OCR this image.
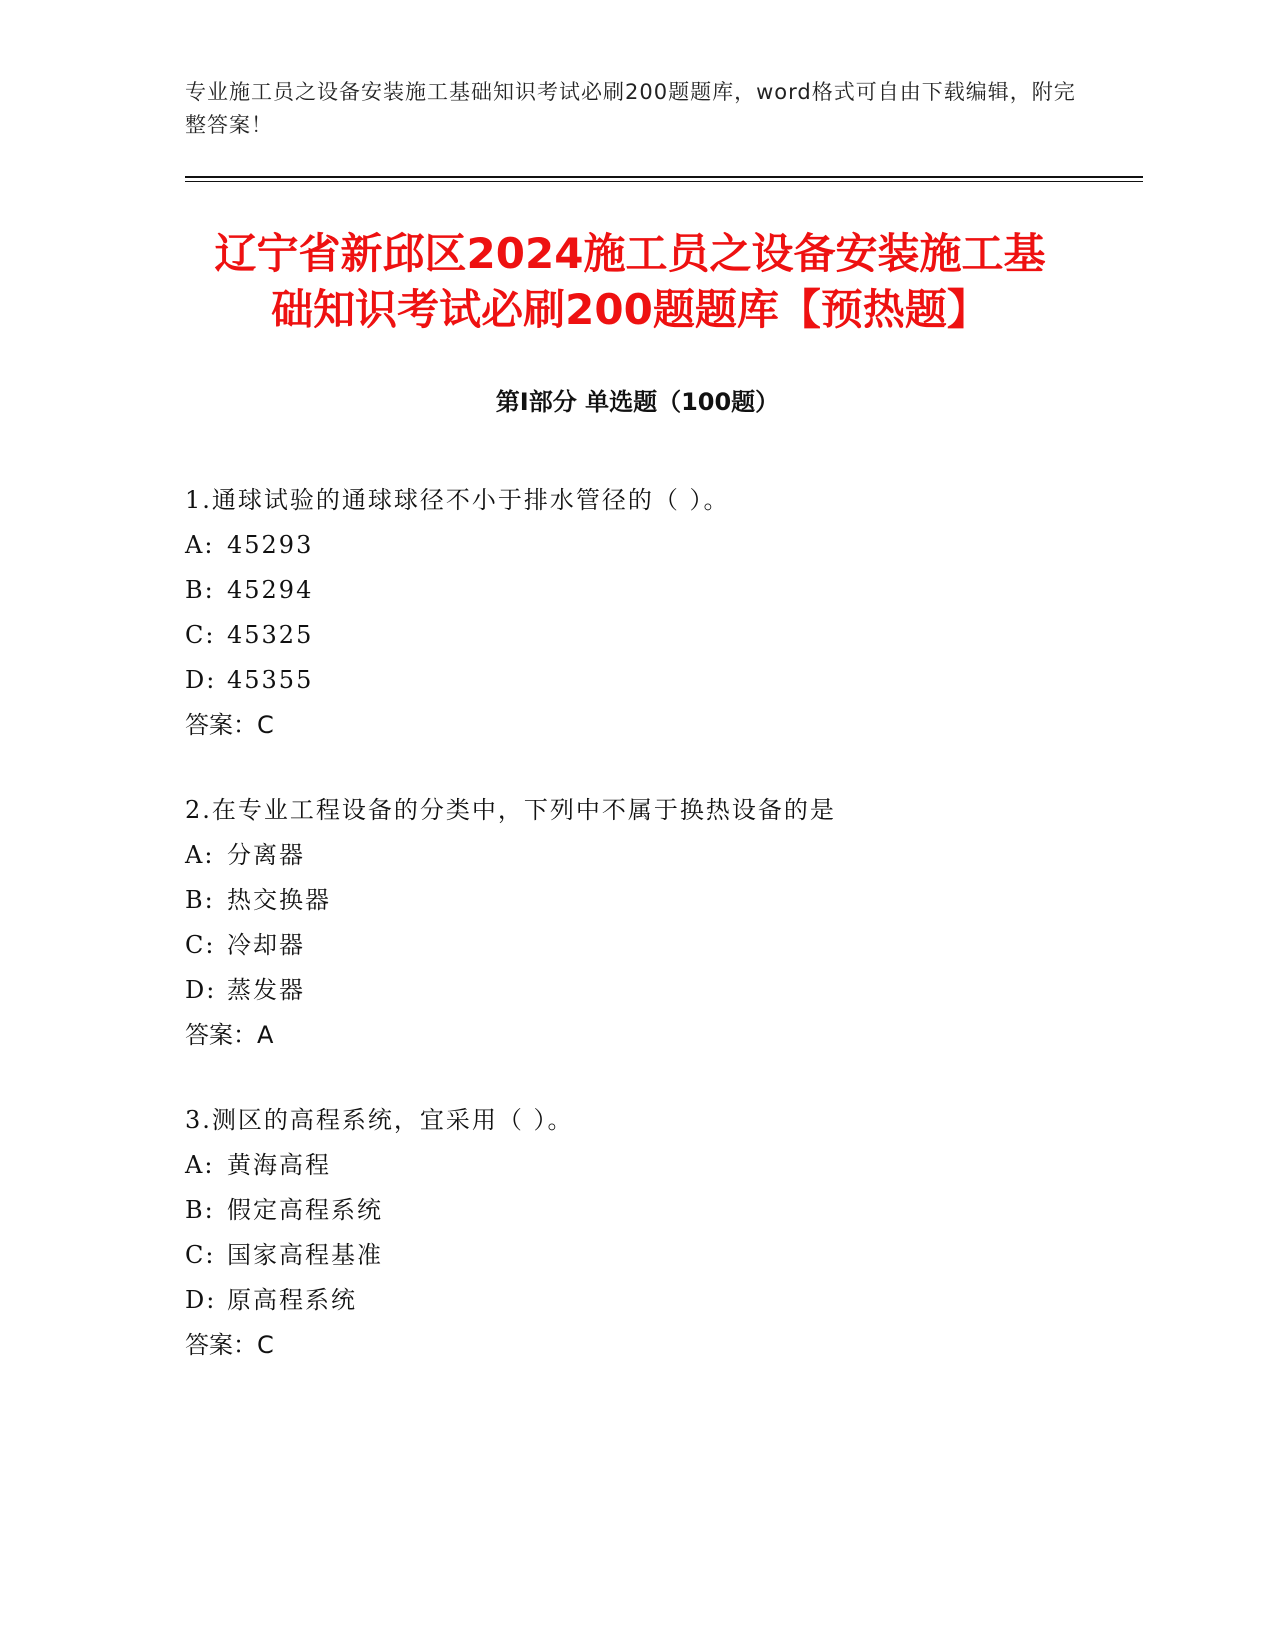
专业施工员之设备安装施工基础知识考试必刷200题题库，word格式可自由下载编辑，附完整答案！
辽宁省新邱区2024施工员之设备安装施工基
础知识考试必刷200题题库【预热题】
第Ⅰ部分 单选题（100题）
1.通球试验的通球球径不小于排水管径的（ ）。
A: 45293
B: 45294
C: 45325
D: 45355
答案：C
2.在专业工程设备的分类中，下列中不属于换热设备的是
A: 分离器
B: 热交换器
C: 冷却器
D: 蒸发器
答案：A
3.测区的高程系统，宜采用（ ）。
A: 黄海高程
B: 假定高程系统
C: 国家高程基准
D: 原高程系统
答案：C
